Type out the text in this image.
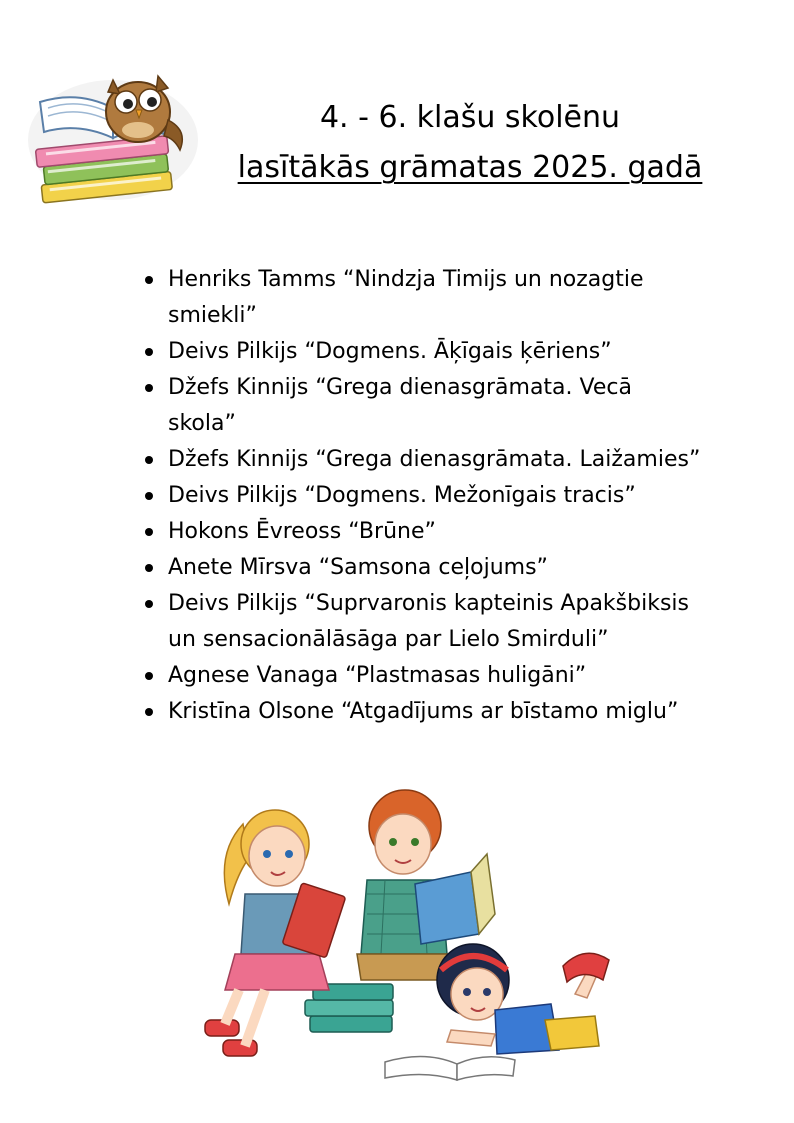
4. - 6. klašu skolēnu
lasītākās grāmatas 2025. gadā
Henriks Tamms “Nindzja Timijs un nozagtie smiekli”
Deivs Pilkijs “Dogmens. Āķīgais ķēriens”
Džefs Kinnijs “Grega dienasgrāmata. Vecā skola”
Džefs Kinnijs “Grega dienasgrāmata. Laižamies”
Deivs Pilkijs “Dogmens. Mežonīgais tracis”
Hokons Ēvreoss “Brūne”
Anete Mīrsva “Samsona ceļojums”
Deivs Pilkijs “Suprvaronis kapteinis Apakšbiksis un sensacionālāsāga par Lielo Smirduli”
Agnese Vanaga “Plastmasas huligāni”
Kristīna Olsone “Atgadījums ar bīstamo miglu”
